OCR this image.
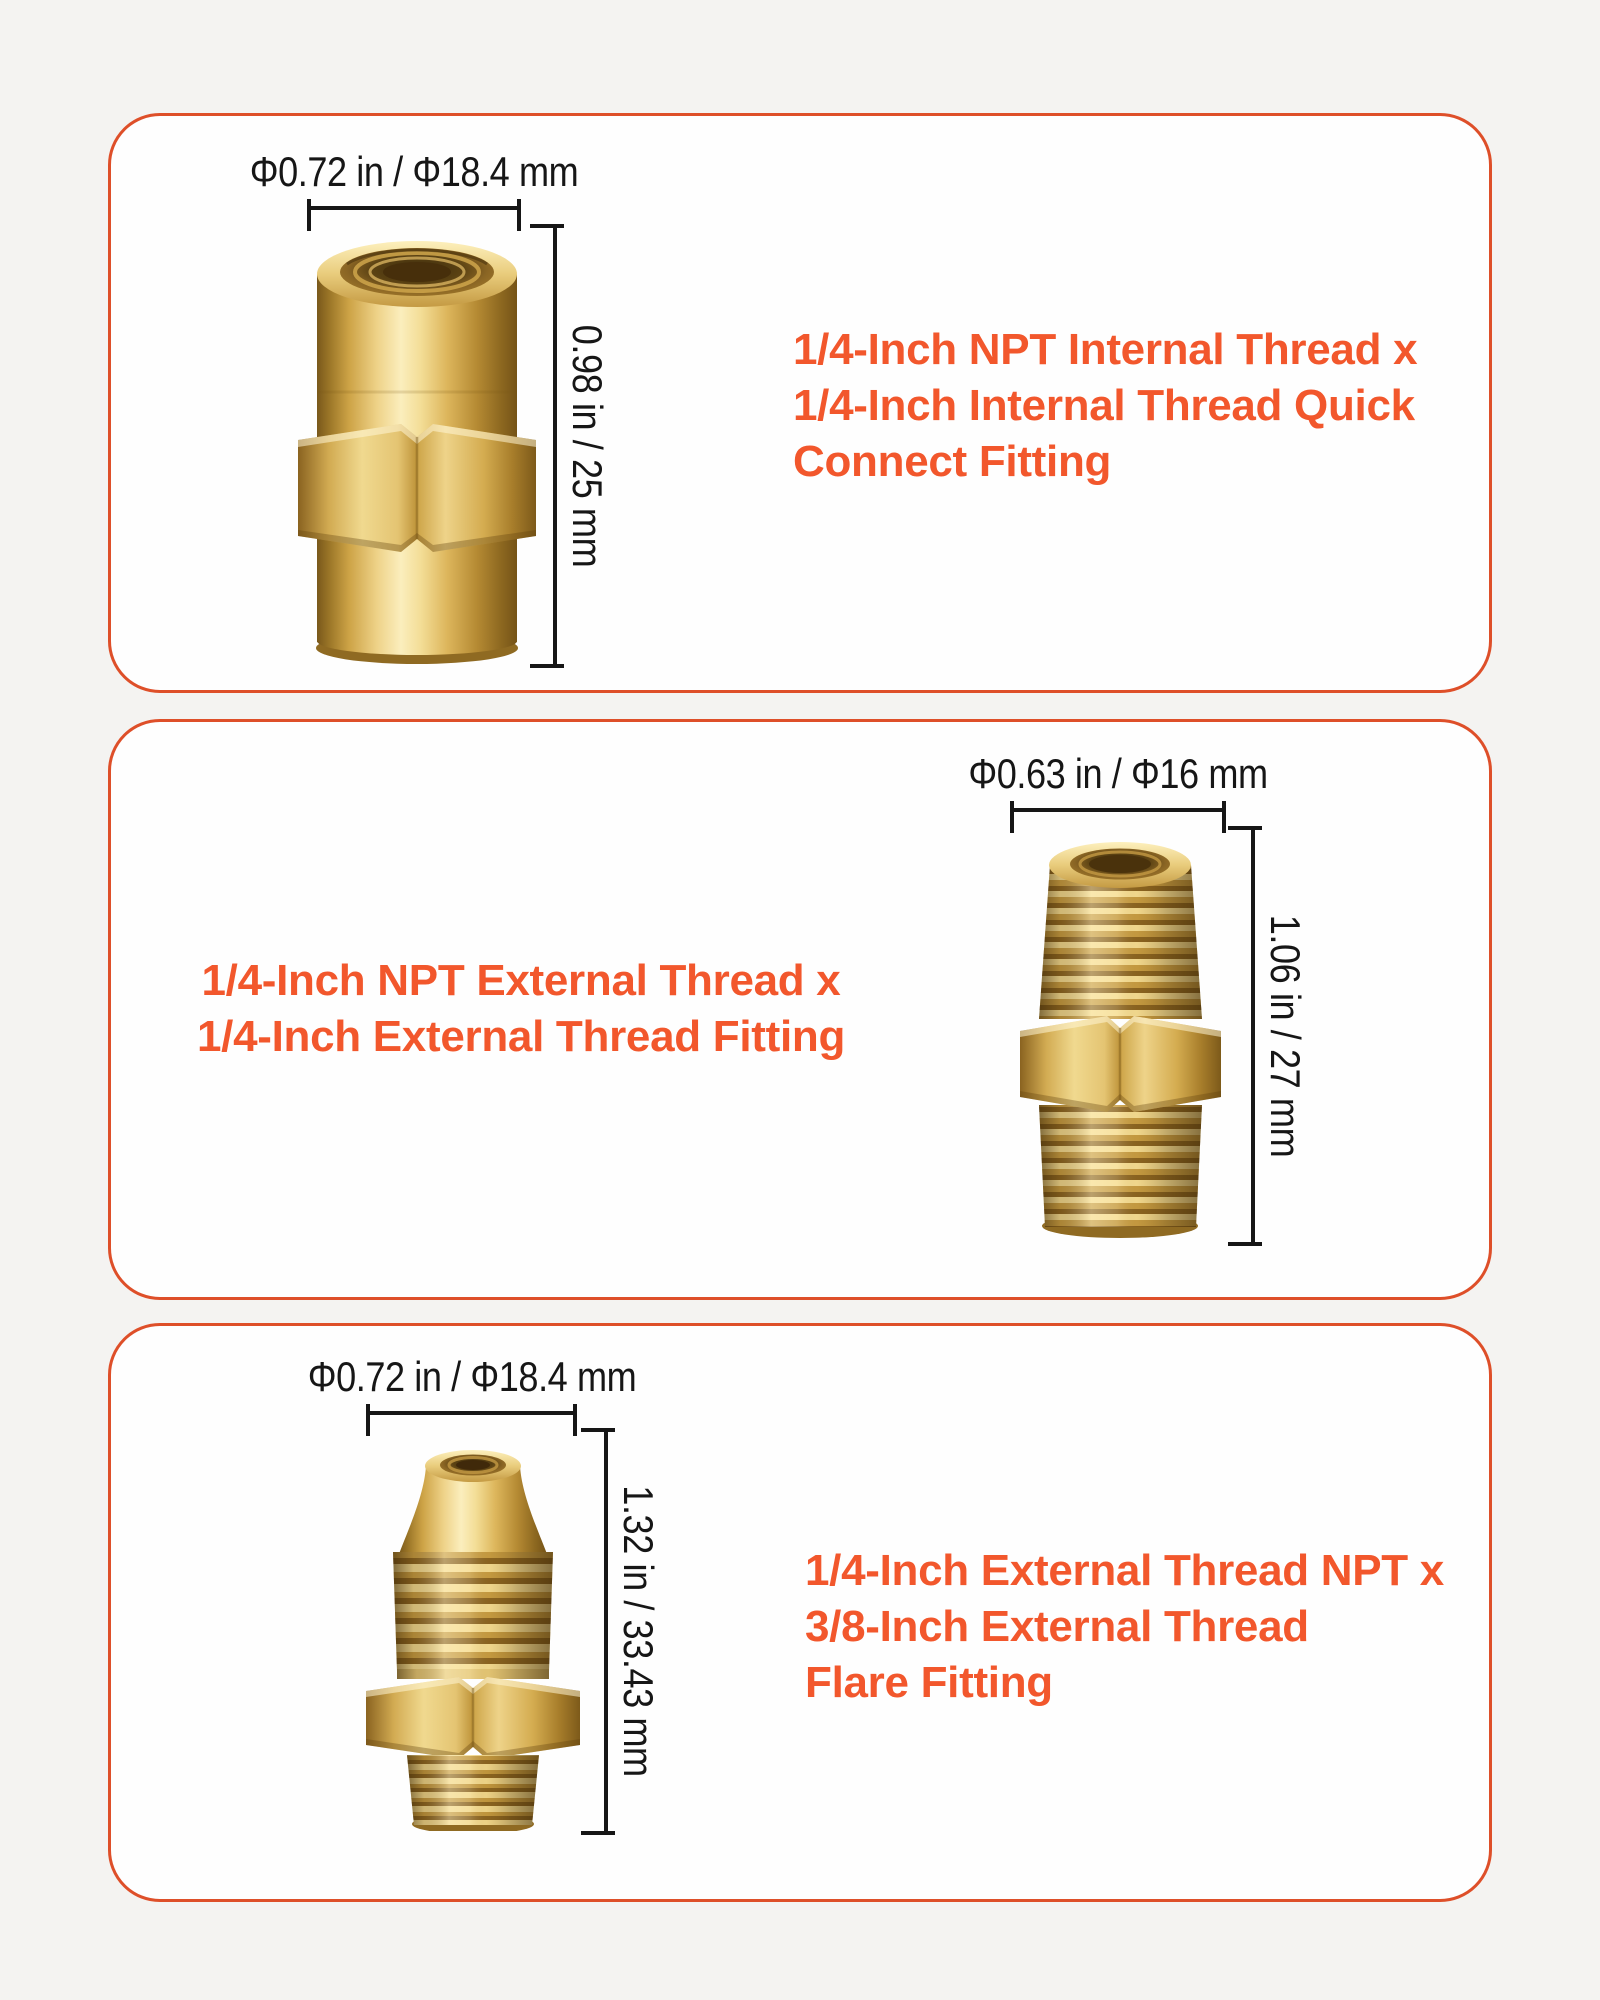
Φ0.72 in / Φ18.4 mm
0.98 in / 25 mm	1/4-Inch NPT Internal Thread x
1/4-Inch Internal Thread Quick
Connect Fitting
1/4-Inch NPT External Thread x
1/4-Inch External Thread Fitting
Φ0.63 in / Φ16 mm
1.06 in / 27 mm
Φ0.72 in / Φ18.4 mm
1.32 in / 33.43 mm	1/4-Inch External Thread NPT x
3/8-Inch External Thread
Flare Fitting
